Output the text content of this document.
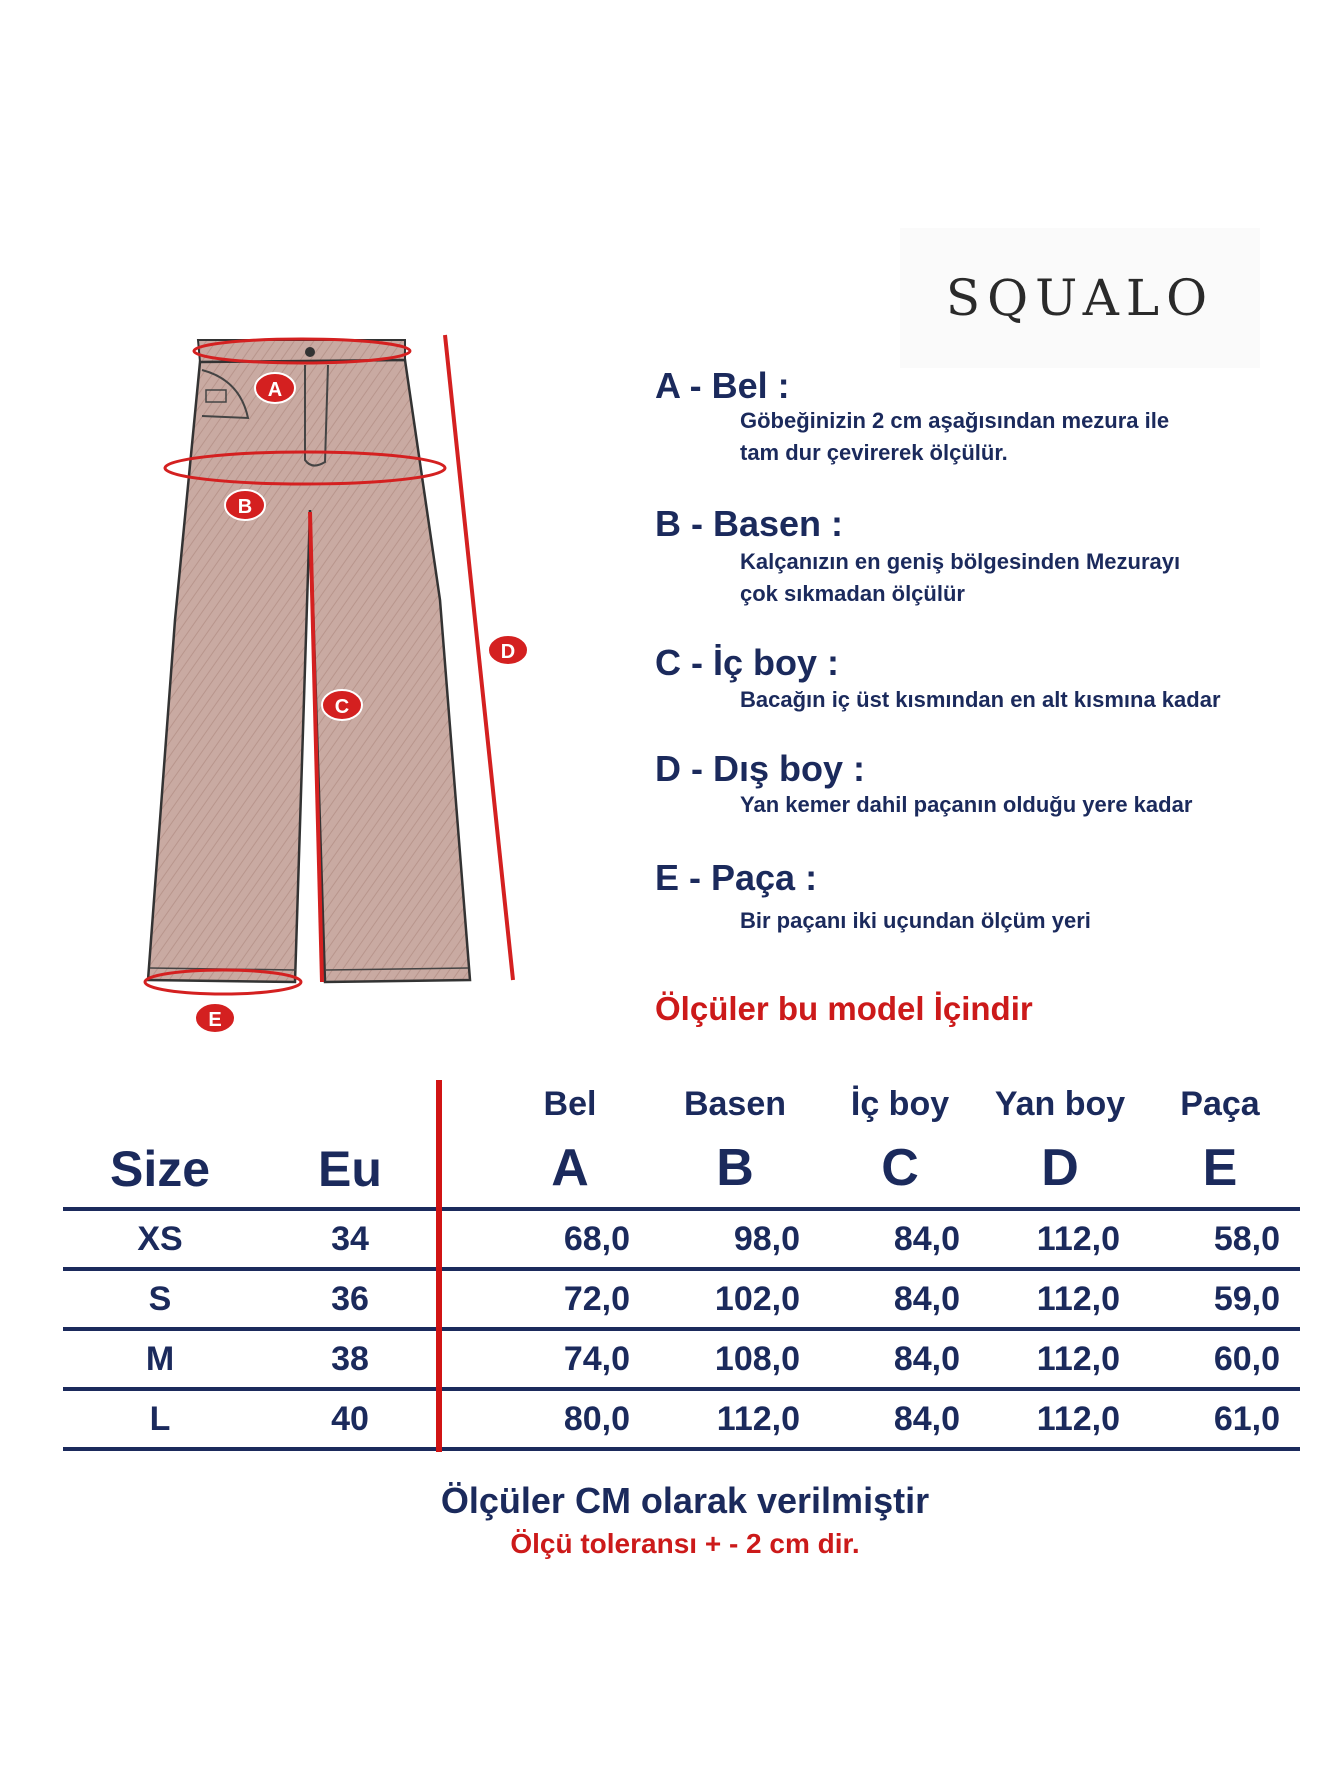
A
B
C
D
E
SQUALO
A - Bel :
Göbeğinizin 2 cm aşağısından mezura ile
tam dur çevirerek ölçülür.
B - Basen :
Kalçanızın en geniş bölgesinden Mezurayı
çok sıkmadan ölçülür
C - İç boy :
Bacağın iç üst kısmından en alt kısmına kadar
D - Dış boy :
Yan kemer dahil paçanın olduğu yere kadar
E - Paça :
Bir paçanı iki uçundan ölçüm yeri
Ölçüler bu model İçindir
Size	Eu
Bel	Basen	İç boy	Yan boy	Paça
A	B	C	D	E
XS	34	68,0	98,0	84,0	112,0	58,0
S	36	72,0	102,0	84,0	112,0	59,0
M	38	74,0	108,0	84,0	112,0	60,0
L	40	80,0	112,0	84,0	112,0	61,0
Ölçüler CM olarak verilmiştir
Ölçü toleransı + - 2 cm dir.
